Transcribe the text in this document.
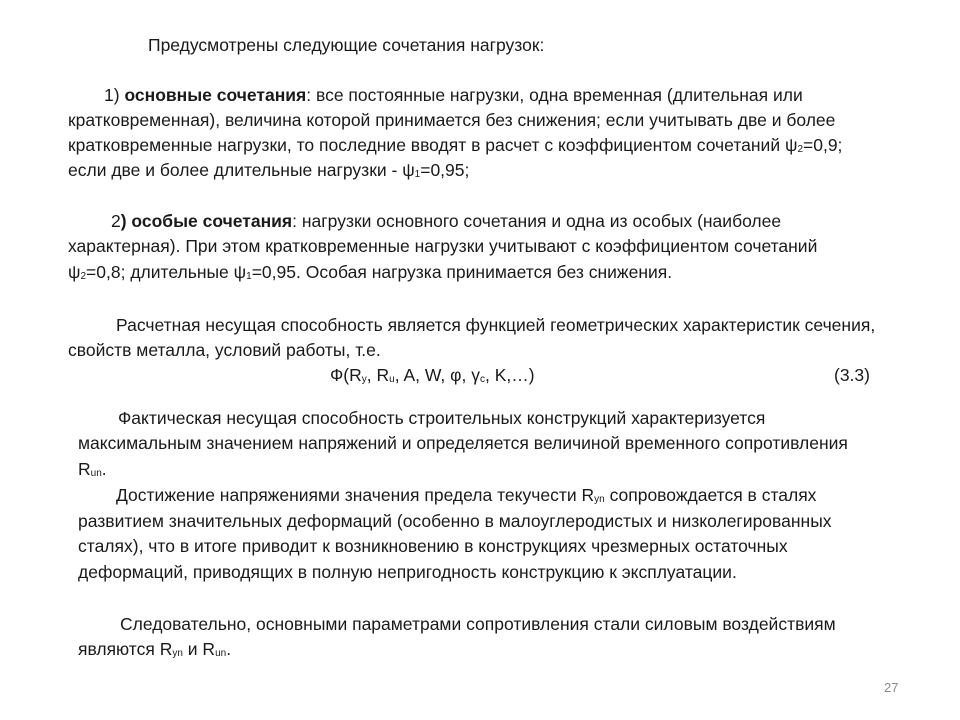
Предусмотрены следующие сочетания нагрузок:
1) основные сочетания: все постоянные нагрузки, одна временная (длительная или
кратковременная), величина которой принимается без снижения; если учитывать две и более
кратковременные нагрузки, то последние вводят в расчет с коэффициентом сочетаний ψ2=0,9;
если две и более длительные нагрузки - ψ1=0,95;
2) особые сочетания: нагрузки основного сочетания и одна из особых (наиболее
характерная). При этом кратковременные нагрузки учитывают с коэффициентом сочетаний
ψ2=0,8; длительные ψ1=0,95. Особая нагрузка принимается без снижения.
Расчетная несущая способность является функцией геометрических характеристик сечения,
свойств металла, условий работы, т.е.
Ф(Ry, Ru, A, W, φ, γc, K,…)	(3.3)
Фактическая несущая способность строительных конструкций характеризуется
максимальным значением напряжений и определяется величиной временного сопротивления
Run.
Достижение напряжениями значения предела текучести Ryn сопровождается в сталях
развитием значительных деформаций (особенно в малоуглеродистых и низколегированных
сталях), что в итоге приводит к возникновению в конструкциях чрезмерных остаточных
деформаций, приводящих в полную непригодность конструкцию к эксплуатации.
Следовательно, основными параметрами сопротивления стали силовым воздействиям
являются Ryn и Run.
27
